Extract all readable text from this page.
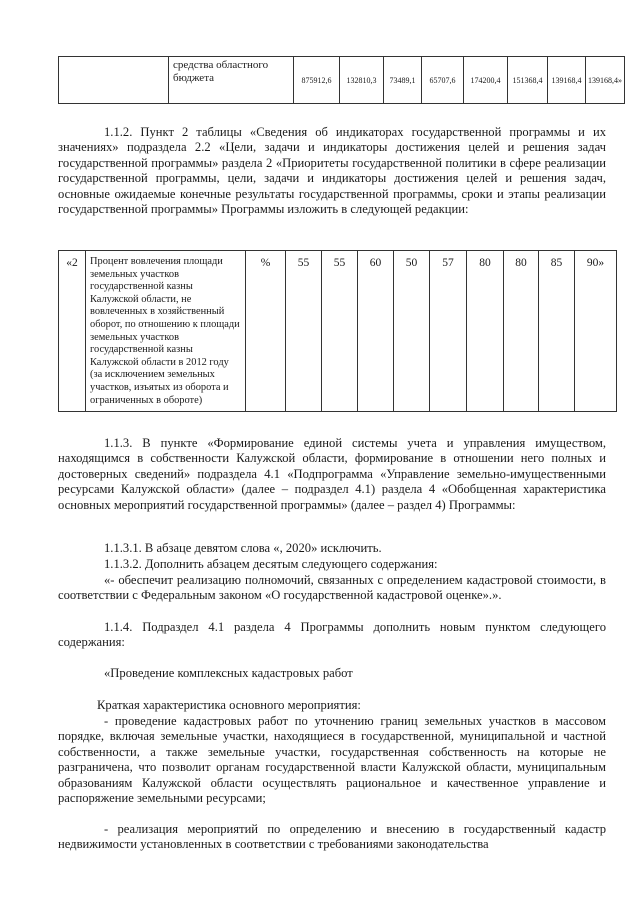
	средства областного бюджета	875912,6	132810,3	73489,1	65707,6	174200,4	151368,4	139168,4	139168,4»

1.1.2. Пункт 2 таблицы «Сведения об индикаторах государственной программы и их значениях» подраздела 2.2 «Цели, задачи и индикаторы достижения целей и решения задач государственной программы» раздела 2 «Приоритеты государственной политики в сфере реализации государственной программы, цели, задачи и индикаторы достижения целей и решения задач, основные ожидаемые конечные результаты государственной программы, сроки и этапы реализации государственной программы» Программы изложить в следующей редакции:

«2	Процент вовлечения площади земельных участков государственной казны Калужской области, не вовлеченных в хозяйственный оборот, по отношению к площади земельных участков государственной казны Калужской области в 2012 году (за исключением земельных участков, изъятых из оборота и ограниченных в обороте)	%	55	55	60	50	57	80	80	85	90»

1.1.3. В пункте «Формирование единой системы учета и управления имуществом, находящимся в собственности Калужской области, формирование в отношении него полных и достоверных сведений» подраздела 4.1 «Подпрограмма «Управление земельно-имущественными ресурсами Калужской области» (далее – подраздел 4.1) раздела 4 «Обобщенная характеристика основных мероприятий государственной программы» (далее – раздел 4) Программы:

1.1.3.1. В абзаце девятом слова «, 2020» исключить.

1.1.3.2. Дополнить абзацем десятым следующего содержания:

«- обеспечит реализацию полномочий, связанных с определением кадастровой стоимости, в соответствии с Федеральным законом «О государственной кадастровой оценке».».

1.1.4. Подраздел 4.1 раздела 4 Программы дополнить новым пунктом следующего содержания:

«Проведение комплексных кадастровых работ

Краткая характеристика основного мероприятия:

- проведение кадастровых работ по уточнению границ земельных участков в массовом порядке, включая земельные участки, находящиеся в государственной, муниципальной и частной собственности, а также земельные участки, государственная собственность на которые не разграничена, что позволит органам государственной власти Калужской области, муниципальным образованиям Калужской области осуществлять рациональное и качественное управление и распоряжение земельными ресурсами;

- реализация мероприятий по определению и внесению в государственный кадастр недвижимости установленных в соответствии с требованиями законодательства
